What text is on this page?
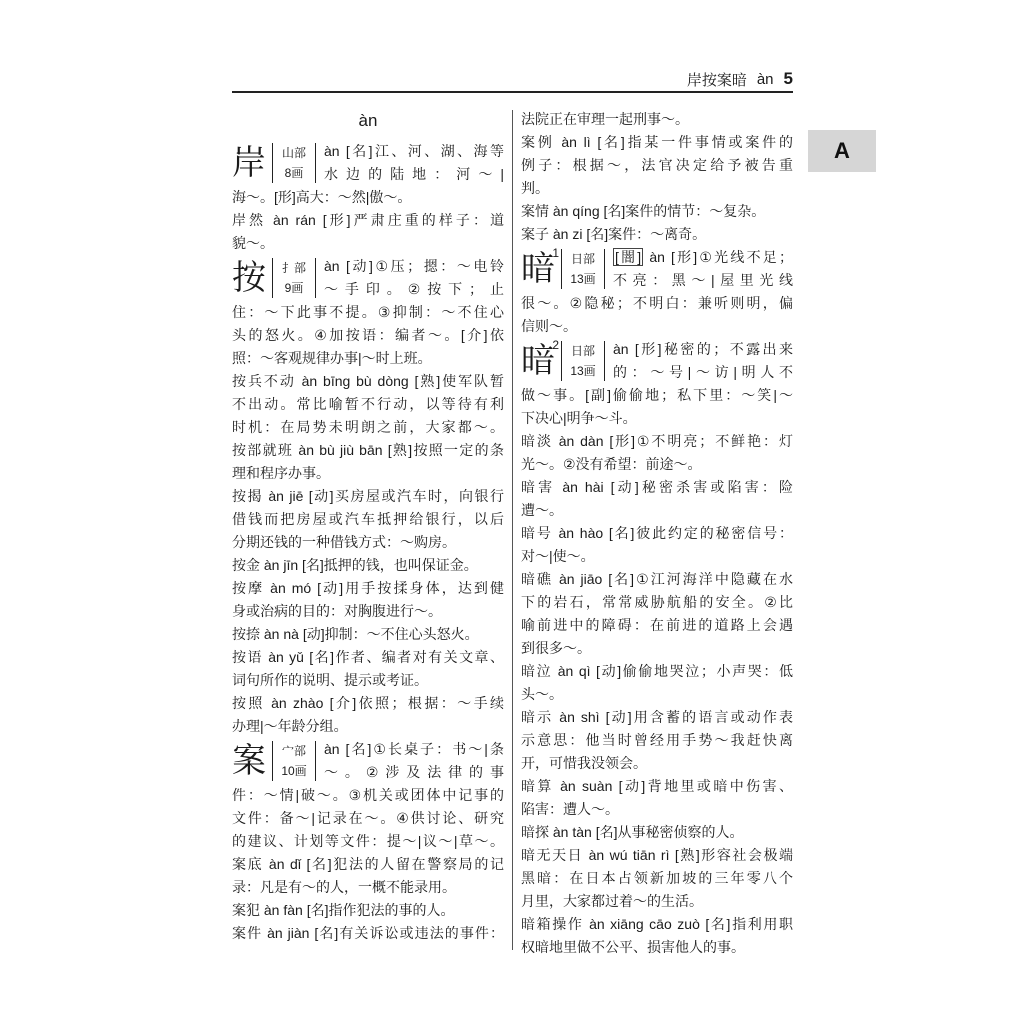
岸按案暗 àn 5
A
àn
岸	山部
8画
àn [名]江、河、湖、海等
水边的陆地：河～|
海～。[形]高大：～然|傲～。
岸然 àn rán [形]严肃庄重的样子：道
貌～。
按	扌部
9画
àn [动]①压；摁：～电铃
～手印。②按下；止
住：～下此事不提。③抑制：～不住心
头的怒火。④加按语：编者～。[介]依
照：～客观规律办事|～时上班。
按兵不动 àn bīng bù dòng [熟]使军队暂
不出动。常比喻暂不行动，以等待有利
时机：在局势未明朗之前，大家都～。
按部就班 àn bù jiù bān [熟]按照一定的条
理和程序办事。
按揭 àn jiē [动]买房屋或汽车时，向银行
借钱而把房屋或汽车抵押给银行，以后
分期还钱的一种借钱方式：～购房。
按金 àn jīn [名]抵押的钱，也叫保证金。
按摩 àn mó [动]用手按揉身体，达到健
身或治病的目的：对胸腹进行～。
按捺 àn nà [动]抑制：～不住心头怒火。
按语 àn yǔ [名]作者、编者对有关文章、
词句所作的说明、提示或考证。
按照 àn zhào [介]依照；根据：～手续
办理|～年龄分组。
案	宀部
10画
àn [名]①长桌子：书～|条
～。②涉及法律的事
件：～情|破～。③机关或团体中记事的
文件：备～|记录在～。④供讨论、研究
的建议、计划等文件：提～|议～|草～。
案底 àn dǐ [名]犯法的人留在警察局的记
录：凡是有～的人，一概不能录用。
案犯 àn fàn [名]指作犯法的事的人。
案件 àn jiàn [名]有关诉讼或违法的事件：
法院正在审理一起刑事～。
案例 àn lì [名]指某一件事情或案件的
例子：根据～，法官决定给予被告重
判。
案情 àn qíng [名]案件的情节：～复杂。
案子 àn zi [名]案件：～离奇。
暗
1 日部
13画
[闇] àn [形]①光线不足；
不亮：黑～|屋里光线
很～。②隐秘；不明白：兼听则明，偏
信则～。
暗
2 日部
13画
àn [形]秘密的；不露出来
的：～号|～访|明人不
做～事。[副]偷偷地；私下里：～笑|～
下决心|明争～斗。
暗淡 àn dàn [形]①不明亮；不鲜艳：灯
光～。②没有希望：前途～。
暗害 àn hài [动]秘密杀害或陷害：险
遭～。
暗号 àn hào [名]彼此约定的秘密信号：
对～|使～。
暗礁 àn jiāo [名]①江河海洋中隐藏在水
下的岩石，常常威胁航船的安全。②比
喻前进中的障碍：在前进的道路上会遇
到很多～。
暗泣 àn qì [动]偷偷地哭泣；小声哭：低
头～。
暗示 àn shì [动]用含蓄的语言或动作表
示意思：他当时曾经用手势～我赶快离
开，可惜我没领会。
暗算 àn suàn [动]背地里或暗中伤害、
陷害：遭人～。
暗探 àn tàn [名]从事秘密侦察的人。
暗无天日 àn wú tiān rì [熟]形容社会极端
黑暗：在日本占领新加坡的三年零八个
月里，大家都过着～的生活。
暗箱操作 àn xiāng cāo zuò [名]指利用职
权暗地里做不公平、损害他人的事。
